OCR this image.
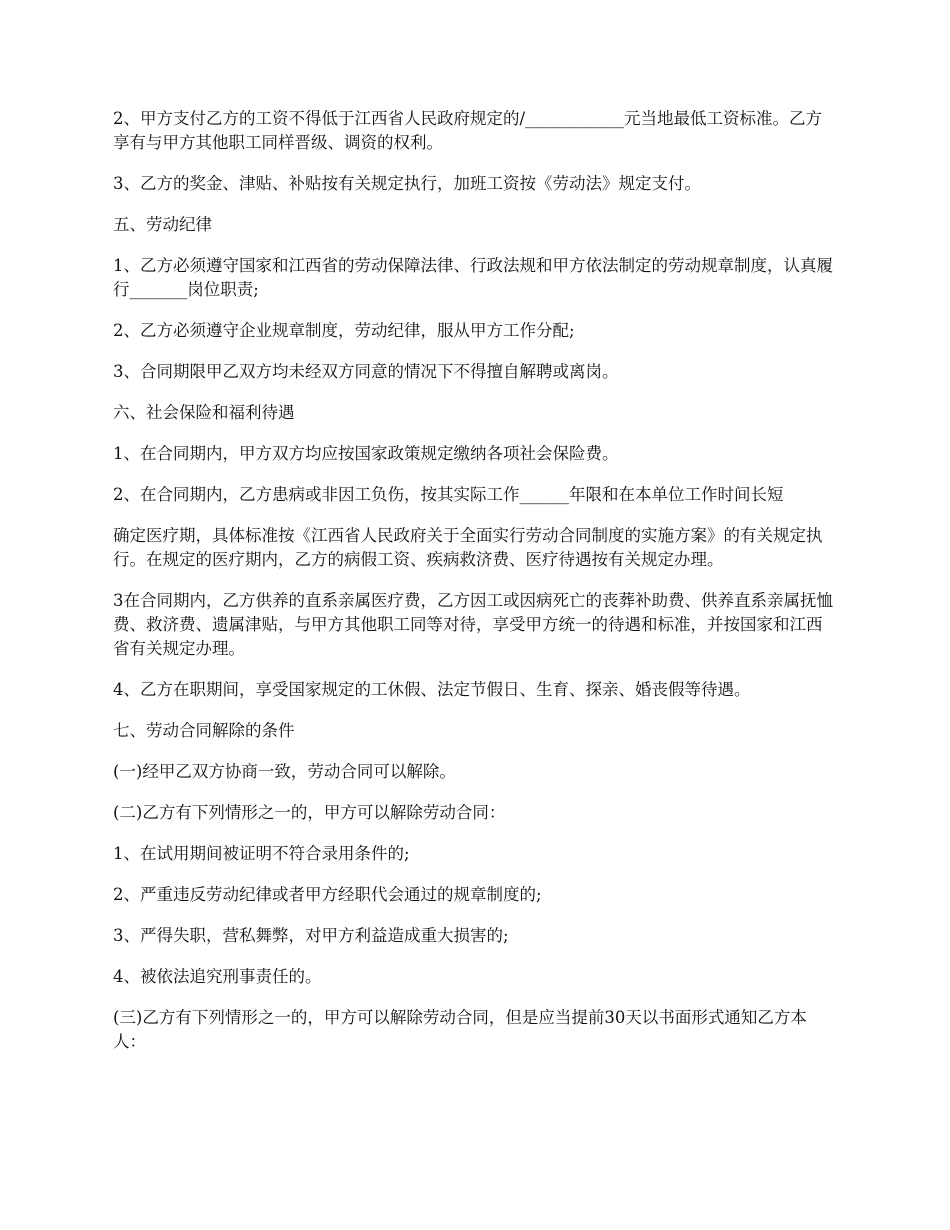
2、甲方支付乙方的工资不得低于江西省人民政府规定的/____________元当地最低工资标准。乙方享有与甲方其他职工同样晋级、调资的权利。

3、乙方的奖金、津贴、补贴按有关规定执行，加班工资按《劳动法》规定支付。

五、劳动纪律

1、乙方必须遵守国家和江西省的劳动保障法律、行政法规和甲方依法制定的劳动规章制度，认真履行_______岗位职责;

2、乙方必须遵守企业规章制度，劳动纪律，服从甲方工作分配;

3、合同期限甲乙双方均未经双方同意的情况下不得擅自解聘或离岗。

六、社会保险和福利待遇

1、在合同期内，甲方双方均应按国家政策规定缴纳各项社会保险费。

2、在合同期内，乙方患病或非因工负伤，按其实际工作______年限和在本单位工作时间长短

确定医疗期，具体标准按《江西省人民政府关于全面实行劳动合同制度的实施方案》的有关规定执行。在规定的医疗期内，乙方的病假工资、疾病救济费、医疗待遇按有关规定办理。

3在合同期内，乙方供养的直系亲属医疗费，乙方因工或因病死亡的丧葬补助费、供养直系亲属抚恤费、救济费、遗属津贴，与甲方其他职工同等对待，享受甲方统一的待遇和标准，并按国家和江西省有关规定办理。

4、乙方在职期间，享受国家规定的工休假、法定节假日、生育、探亲、婚丧假等待遇。

七、劳动合同解除的条件

(一)经甲乙双方协商一致，劳动合同可以解除。

(二)乙方有下列情形之一的，甲方可以解除劳动合同：

1、在试用期间被证明不符合录用条件的;

2、严重违反劳动纪律或者甲方经职代会通过的规章制度的;

3、严得失职，营私舞弊，对甲方利益造成重大损害的;

4、被依法追究刑事责任的。

(三)乙方有下列情形之一的，甲方可以解除劳动合同，但是应当提前30天以书面形式通知乙方本人：
